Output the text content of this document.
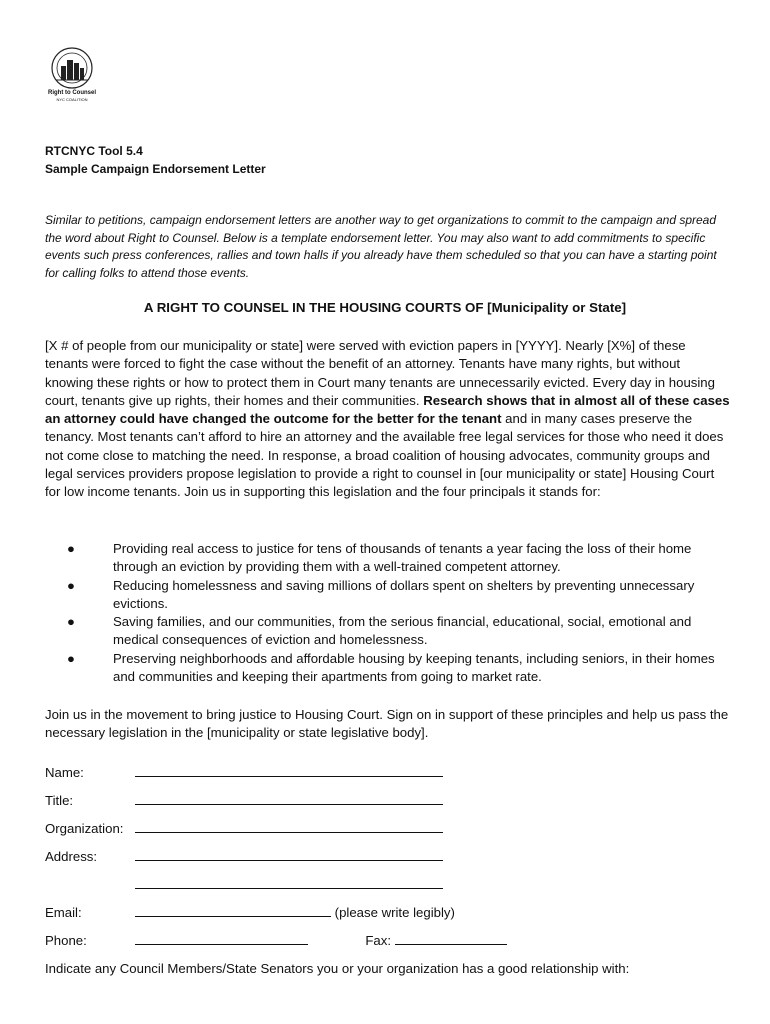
Right to Counsel
NYC COALITION
RTCNYC Tool 5.4
Sample Campaign Endorsement Letter
Similar to petitions, campaign endorsement letters are another way to get organizations to commit to the campaign and spread the word about Right to Counsel. Below is a template endorsement letter. You may also want to add commitments to specific events such press conferences, rallies and town halls if you already have them scheduled so that you can have a starting point for calling folks to attend those events.
A RIGHT TO COUNSEL IN THE HOUSING COURTS OF [Municipality or State]
[X # of people from our municipality or state] were served with eviction papers in [YYYY]. Nearly [X%] of these tenants were forced to fight the case without the benefit of an attorney. Tenants have many rights, but without knowing these rights or how to protect them in Court many tenants are unnecessarily evicted. Every day in housing court, tenants give up rights, their homes and their communities. Research shows that in almost all of these cases an attorney could have changed the outcome for the better for the tenant and in many cases preserve the tenancy. Most tenants can’t afford to hire an attorney and the available free legal services for those who need it does not come close to matching the need. In response, a broad coalition of housing advocates, community groups and legal services providers propose legislation to provide a right to counsel in [our municipality or state] Housing Court for low income tenants. Join us in supporting this legislation and the four principals it stands for:
●	Providing real access to justice for tens of thousands of tenants a year facing the loss of their home through an eviction by providing them with a well-trained competent attorney.
●	Reducing homelessness and saving millions of dollars spent on shelters by preventing unnecessary evictions.
●	Saving families, and our communities, from the serious financial, educational, social, emotional and medical consequences of eviction and homelessness.
●	Preserving neighborhoods and affordable housing by keeping tenants, including seniors, in their homes and communities and keeping their apartments from going to market rate.
Join us in the movement to bring justice to Housing Court. Sign on in support of these principles and help us pass the necessary legislation in the [municipality or state legislative body].
Name:
Title:
Organization:
Address:
Email:	(please write legibly)
Phone:	Fax:
Indicate any Council Members/State Senators you or your organization has a good relationship with:
